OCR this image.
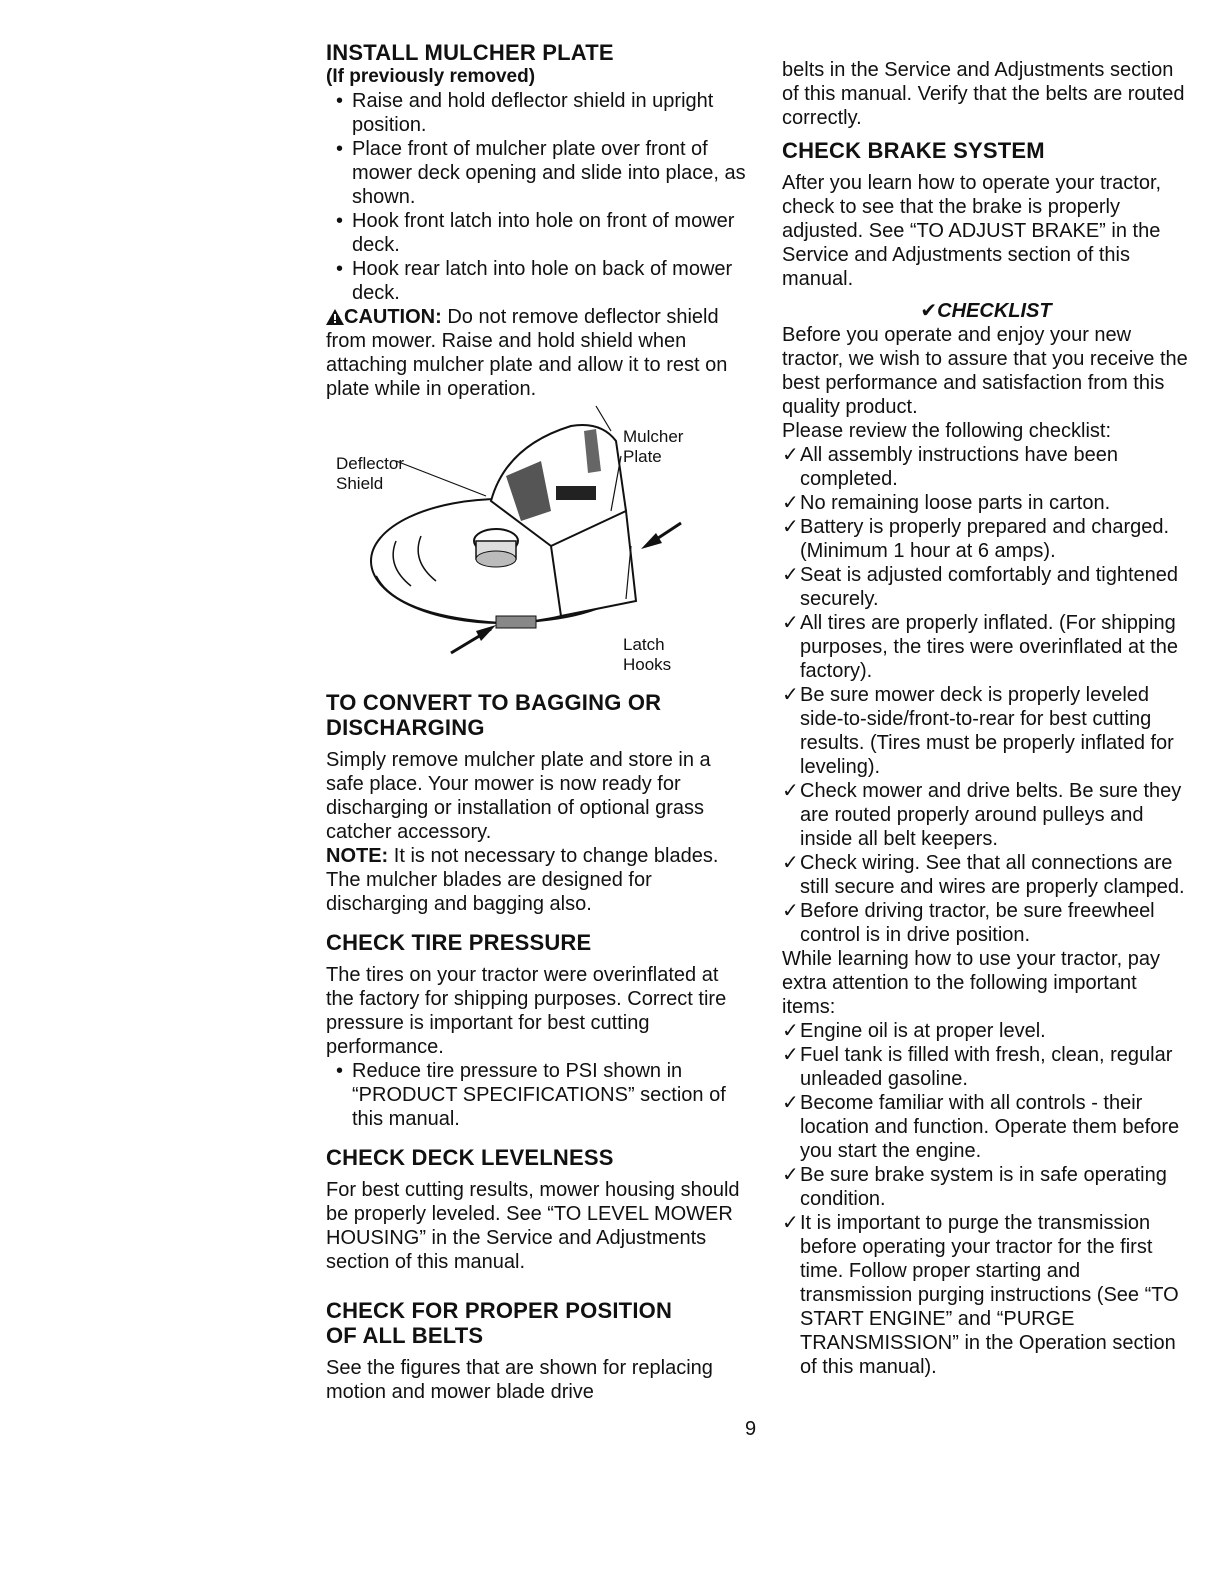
INSTALL MULCHER PLATE
(If previously removed)
• Raise and hold deflector shield in upright position.
• Place front of mulcher plate over front of mower deck opening and slide into place, as shown.
• Hook front latch into hole on front of mower deck.
• Hook rear latch into hole on back of mower deck.

CAUTION: Do not remove deflector shield from mower. Raise and hold shield when attaching mulcher plate and allow it to rest on plate while in operation.

Deflector
Shield
Mulcher
Plate
Latch
Hooks
TO CONVERT TO BAGGING OR
DISCHARGING

Simply remove mulcher plate and store in a safe place. Your mower is now ready for discharging or installation of optional grass catcher accessory.

NOTE: It is not necessary to change blades. The mulcher blades are designed for discharging and bagging also.

CHECK TIRE PRESSURE

The tires on your tractor were overinflated at the factory for shipping purposes. Correct tire pressure is important for best cutting performance.

• Reduce tire pressure to PSI shown in “PRODUCT SPECIFICATIONS” section of this manual.
CHECK DECK LEVELNESS

For best cutting results, mower housing should be properly leveled. See “TO LEVEL MOWER HOUSING” in the Service and Adjustments section of this manual.

CHECK FOR PROPER POSITION
OF ALL BELTS

See the figures that are shown for replacing motion and mower blade drive

belts in the Service and Adjustments section of this manual. Verify that the belts are routed correctly.

CHECK BRAKE SYSTEM

After you learn how to operate your tractor, check to see that the brake is properly adjusted. See “TO ADJUST BRAKE” in the Service and Adjustments section of this manual.

✔CHECKLIST

Before you operate and enjoy your new tractor, we wish to assure that you receive the best performance and satisfaction from this quality product.

Please review the following checklist:

✓ All assembly instructions have been completed.
✓ No remaining loose parts in carton.
✓ Battery is properly prepared and charged. (Minimum 1 hour at 6 amps).
✓ Seat is adjusted comfortably and tightened securely.
✓ All tires are properly inflated. (For shipping purposes, the tires were overinflated at the factory).
✓ Be sure mower deck is properly leveled side-to-side/front-to-rear for best cutting results. (Tires must be properly inflated for leveling).
✓ Check mower and drive belts. Be sure they are routed properly around pulleys and inside all belt keepers.
✓ Check wiring. See that all connections are still secure and wires are properly clamped.
✓ Before driving tractor, be sure freewheel control is in drive position.

While learning how to use your tractor, pay extra attention to the following important items:

✓ Engine oil is at proper level.
✓ Fuel tank is filled with fresh, clean, regular unleaded gasoline.
✓ Become familiar with all controls - their location and function. Operate them before you start the engine.
✓ Be sure brake system is in safe operating condition.
✓ It is important to purge the transmission before operating your tractor for the first time. Follow proper starting and transmission purging instructions (See “TO START ENGINE” and “PURGE TRANSMISSION” in the Operation section of this manual).
9
